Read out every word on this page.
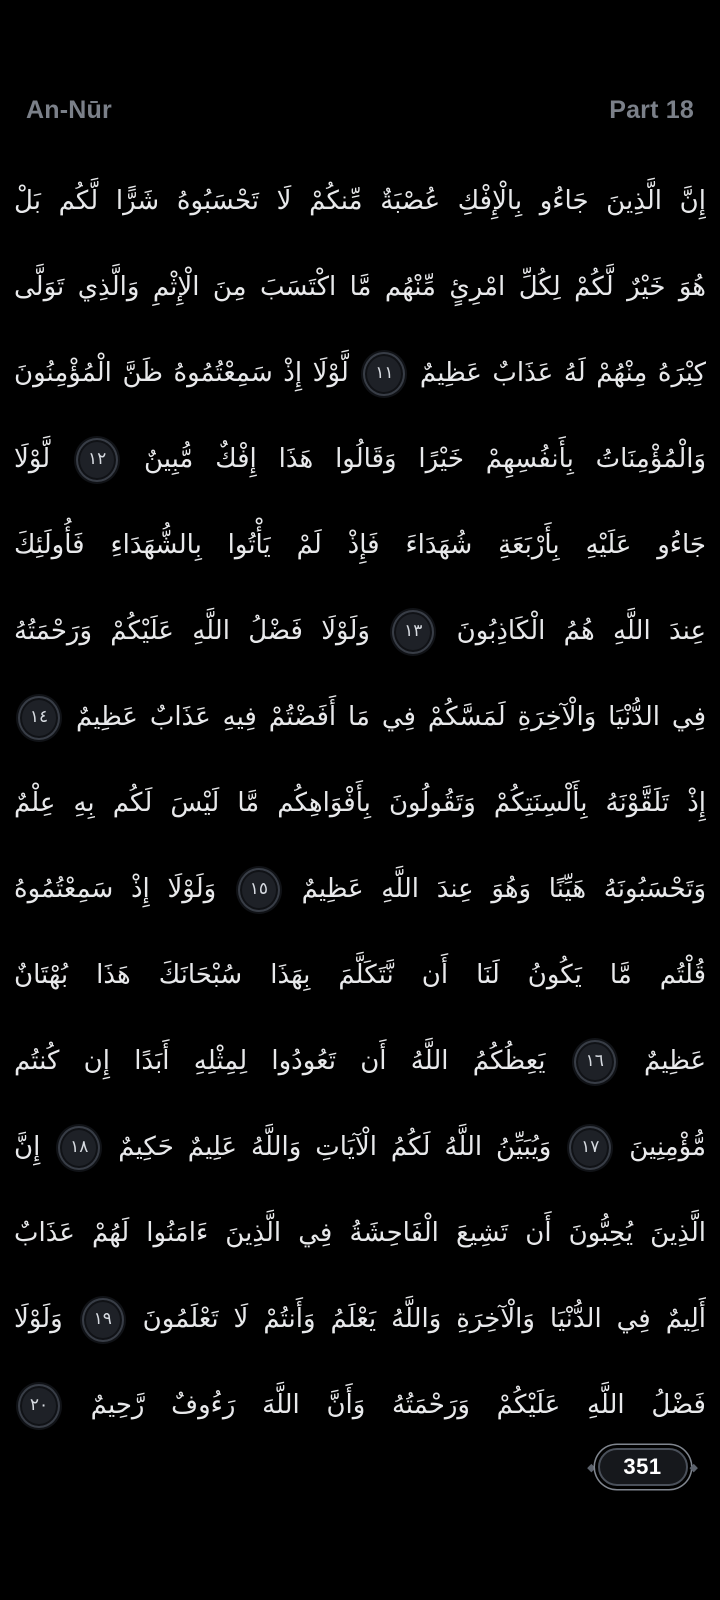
An-Nūr	Part 18
إِنَّ الَّذِينَ جَاءُو بِالْإِفْكِ عُصْبَةٌ مِّنكُمْ لَا تَحْسَبُوهُ شَرًّا لَّكُم بَلْ
هُوَ خَيْرٌ لَّكُمْ لِكُلِّ امْرِئٍ مِّنْهُم مَّا اكْتَسَبَ مِنَ الْإِثْمِ وَالَّذِي تَوَلَّى
كِبْرَهُ مِنْهُمْ لَهُ عَذَابٌ عَظِيمٌ ١١ لَّوْلَا إِذْ سَمِعْتُمُوهُ ظَنَّ الْمُؤْمِنُونَ
وَالْمُؤْمِنَاتُ بِأَنفُسِهِمْ خَيْرًا وَقَالُوا هَذَا إِفْكٌ مُّبِينٌ ١٢ لَّوْلَا
جَاءُو عَلَيْهِ بِأَرْبَعَةِ شُهَدَاءَ فَإِذْ لَمْ يَأْتُوا بِالشُّهَدَاءِ فَأُولَئِكَ
عِندَ اللَّهِ هُمُ الْكَاذِبُونَ ١٣ وَلَوْلَا فَضْلُ اللَّهِ عَلَيْكُمْ وَرَحْمَتُهُ
فِي الدُّنْيَا وَالْآخِرَةِ لَمَسَّكُمْ فِي مَا أَفَضْتُمْ فِيهِ عَذَابٌ عَظِيمٌ ١٤
إِذْ تَلَقَّوْنَهُ بِأَلْسِنَتِكُمْ وَتَقُولُونَ بِأَفْوَاهِكُم مَّا لَيْسَ لَكُم بِهِ عِلْمٌ
وَتَحْسَبُونَهُ هَيِّنًا وَهُوَ عِندَ اللَّهِ عَظِيمٌ ١٥ وَلَوْلَا إِذْ سَمِعْتُمُوهُ
قُلْتُم مَّا يَكُونُ لَنَا أَن نَّتَكَلَّمَ بِهَذَا سُبْحَانَكَ هَذَا بُهْتَانٌ
عَظِيمٌ ١٦ يَعِظُكُمُ اللَّهُ أَن تَعُودُوا لِمِثْلِهِ أَبَدًا إِن كُنتُم
مُّؤْمِنِينَ ١٧ وَيُبَيِّنُ اللَّهُ لَكُمُ الْآيَاتِ وَاللَّهُ عَلِيمٌ حَكِيمٌ ١٨ إِنَّ
الَّذِينَ يُحِبُّونَ أَن تَشِيعَ الْفَاحِشَةُ فِي الَّذِينَ ءَامَنُوا لَهُمْ عَذَابٌ
أَلِيمٌ فِي الدُّنْيَا وَالْآخِرَةِ وَاللَّهُ يَعْلَمُ وَأَنتُمْ لَا تَعْلَمُونَ ١٩ وَلَوْلَا
فَضْلُ اللَّهِ عَلَيْكُمْ وَرَحْمَتُهُ وَأَنَّ اللَّهَ رَءُوفٌ رَّحِيمٌ ٢٠
◆ 351	◆
